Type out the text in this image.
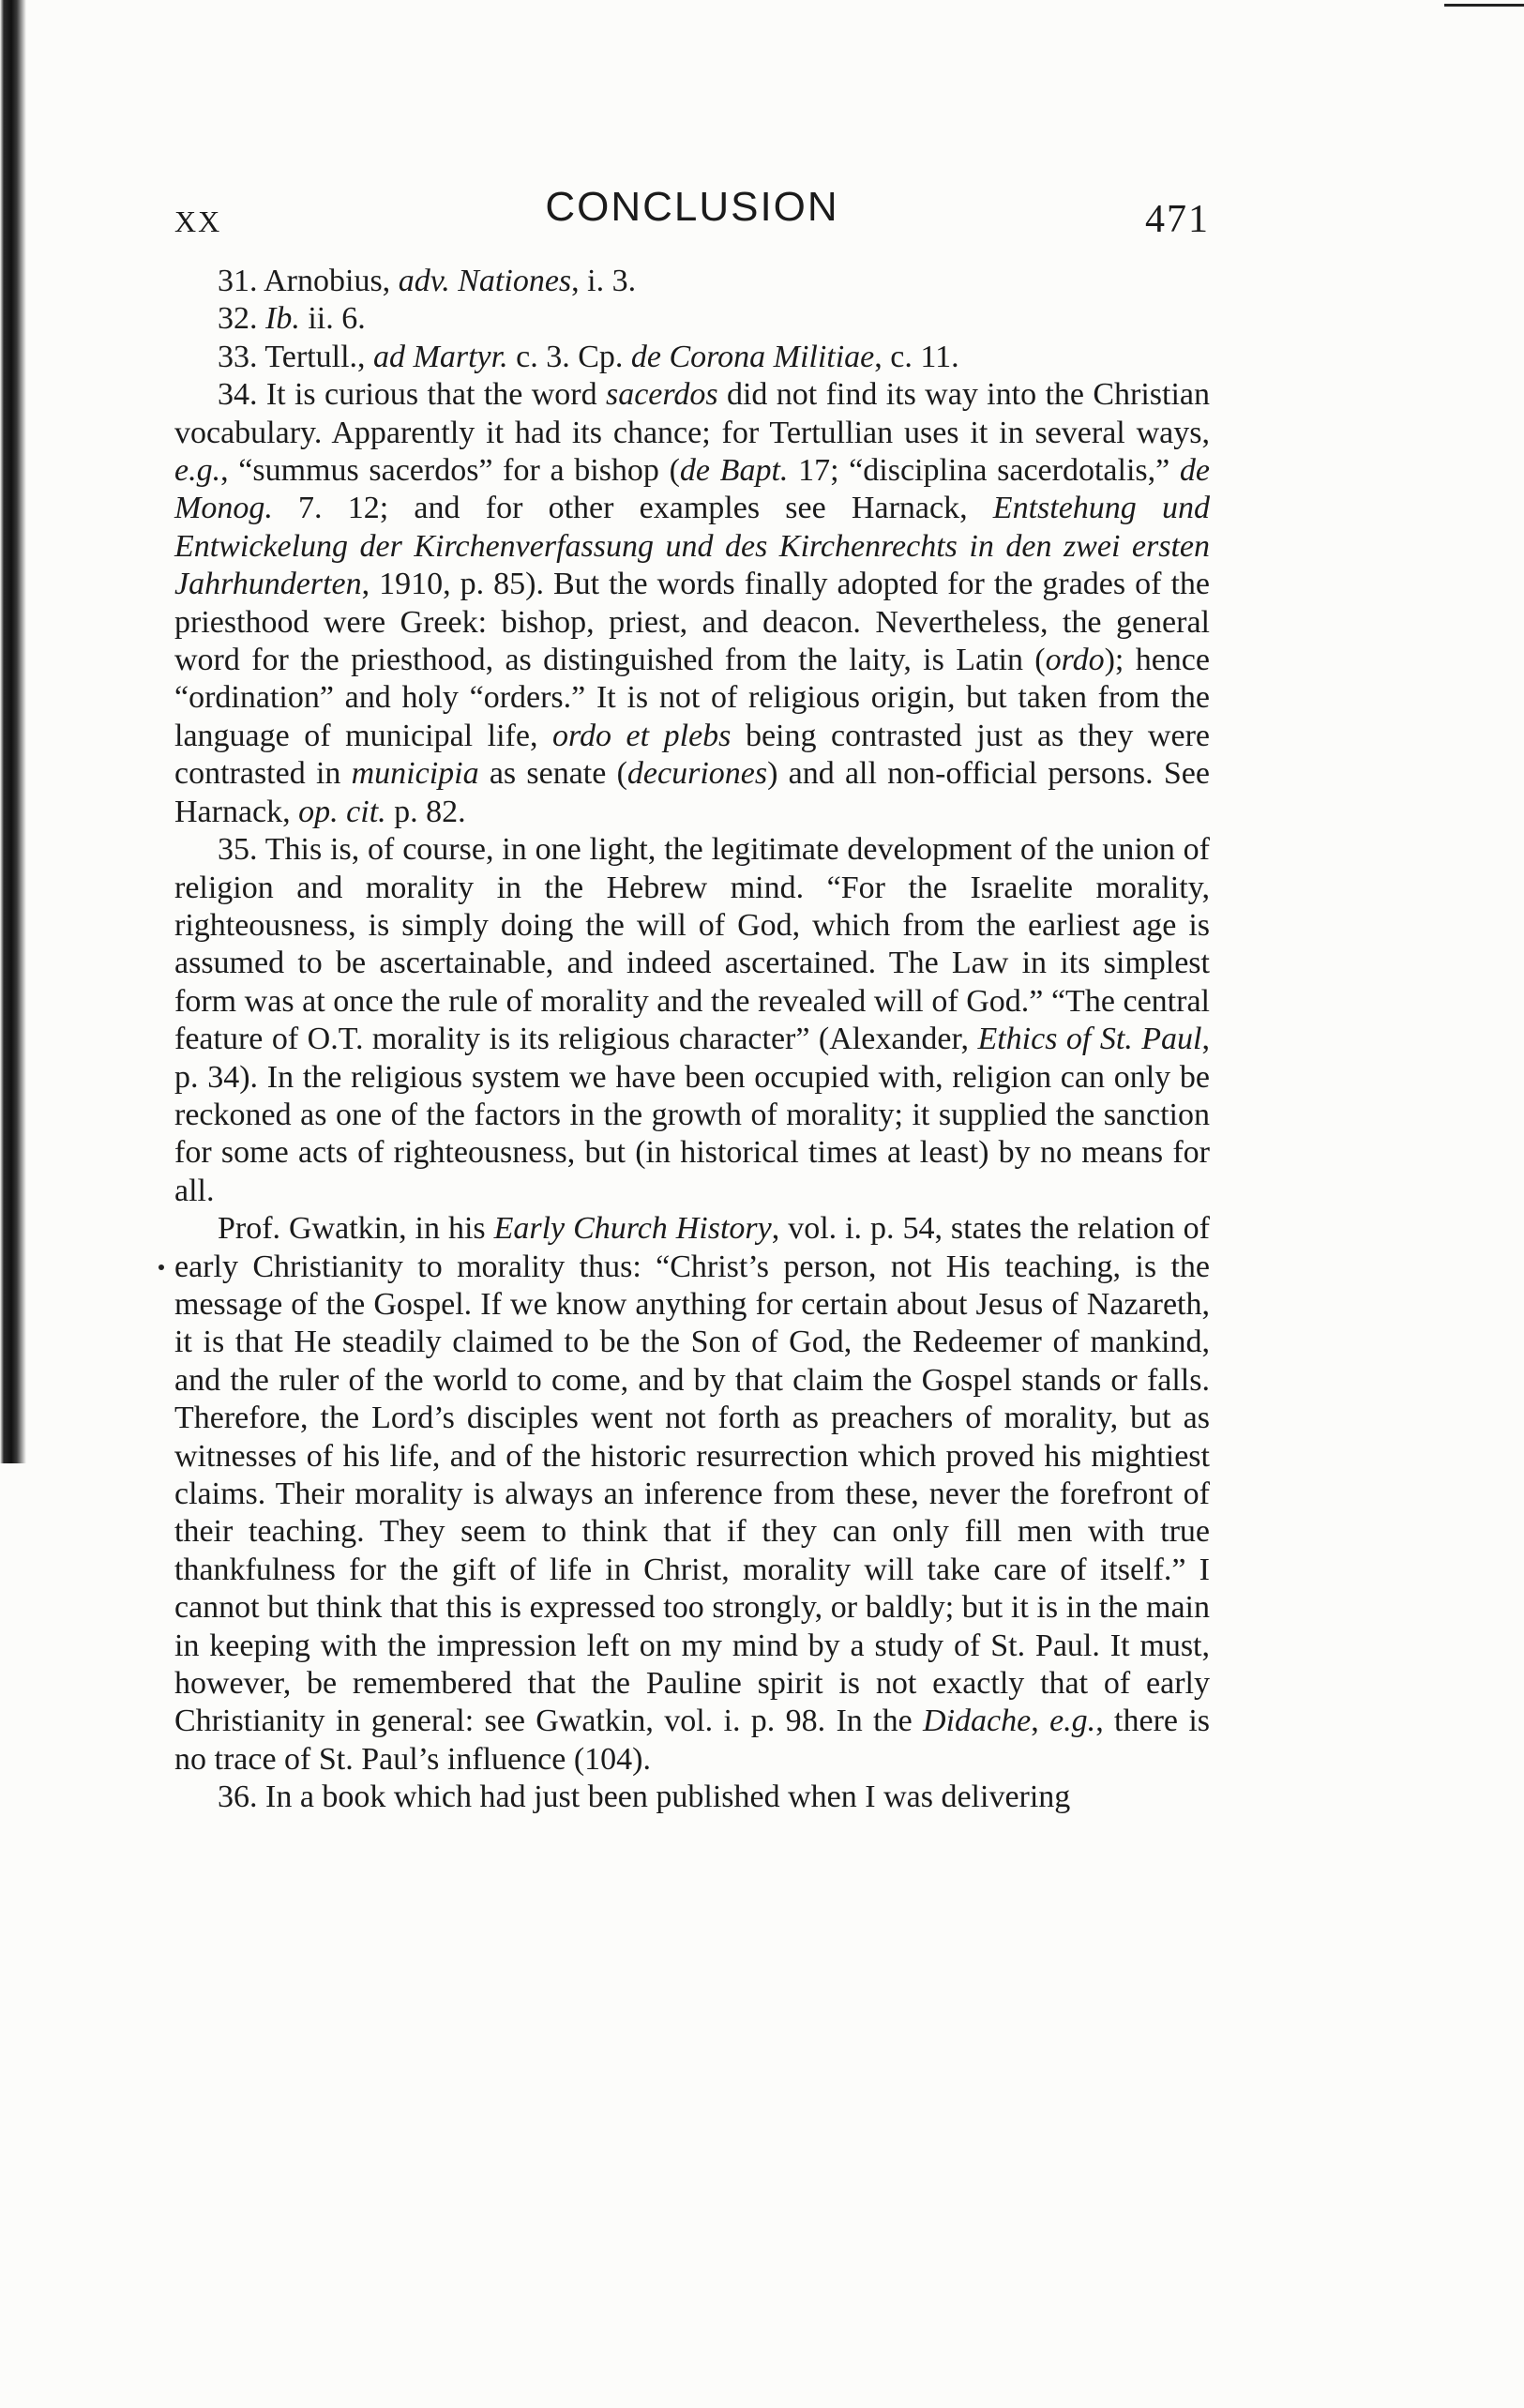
XX	CONCLUSION	471

31. Arnobius, adv. Nationes, i. 3.

32. Ib. ii. 6.

33. Tertull., ad Martyr. c. 3. Cp. de Corona Militiae, c. 11.

34. It is curious that the word sacerdos did not find its way into the Christian vocabulary. Apparently it had its chance; for Tertullian uses it in several ways, e.g., “summus sacerdos” for a bishop (de Bapt. 17; “disciplina sacerdotalis,” de Monog. 7. 12; and for other examples see Harnack, Entstehung und Entwickelung der Kirchenverfassung und des Kirchenrechts in den zwei ersten Jahrhunderten, 1910, p. 85). But the words finally adopted for the grades of the priesthood were Greek: bishop, priest, and deacon. Nevertheless, the general word for the priesthood, as distinguished from the laity, is Latin (ordo); hence “ordination” and holy “orders.” It is not of religious origin, but taken from the language of municipal life, ordo et plebs being contrasted just as they were contrasted in municipia as senate (decuriones) and all non-official persons. See Harnack, op. cit. p. 82.

35. This is, of course, in one light, the legitimate development of the union of religion and morality in the Hebrew mind. “For the Israelite morality, righteousness, is simply doing the will of God, which from the earliest age is assumed to be ascertainable, and indeed ascertained. The Law in its simplest form was at once the rule of morality and the revealed will of God.” “The central feature of O.T. morality is its religious character” (Alexander, Ethics of St. Paul, p. 34). In the religious system we have been occupied with, religion can only be reckoned as one of the factors in the growth of morality; it supplied the sanction for some acts of righteousness, but (in historical times at least) by no means for all.

Prof. Gwatkin, in his Early Church History, vol. i. p. 54, states the relation of early Christianity to morality thus: “Christ’s person, not His teaching, is the message of the Gospel. If we know anything for certain about Jesus of Nazareth, it is that He steadily claimed to be the Son of God, the Redeemer of mankind, and the ruler of the world to come, and by that claim the Gospel stands or falls. Therefore, the Lord’s disciples went not forth as preachers of morality, but as witnesses of his life, and of the historic resurrection which proved his mightiest claims. Their morality is always an inference from these, never the forefront of their teaching. They seem to think that if they can only fill men with true thankfulness for the gift of life in Christ, morality will take care of itself.” I cannot but think that this is expressed too strongly, or baldly; but it is in the main in keeping with the impression left on my mind by a study of St. Paul. It must, however, be remembered that the Pauline spirit is not exactly that of early Christianity in general: see Gwatkin, vol. i. p. 98. In the Didache, e.g., there is no trace of St. Paul’s influence (104).

36. In a book which had just been published when I was delivering
